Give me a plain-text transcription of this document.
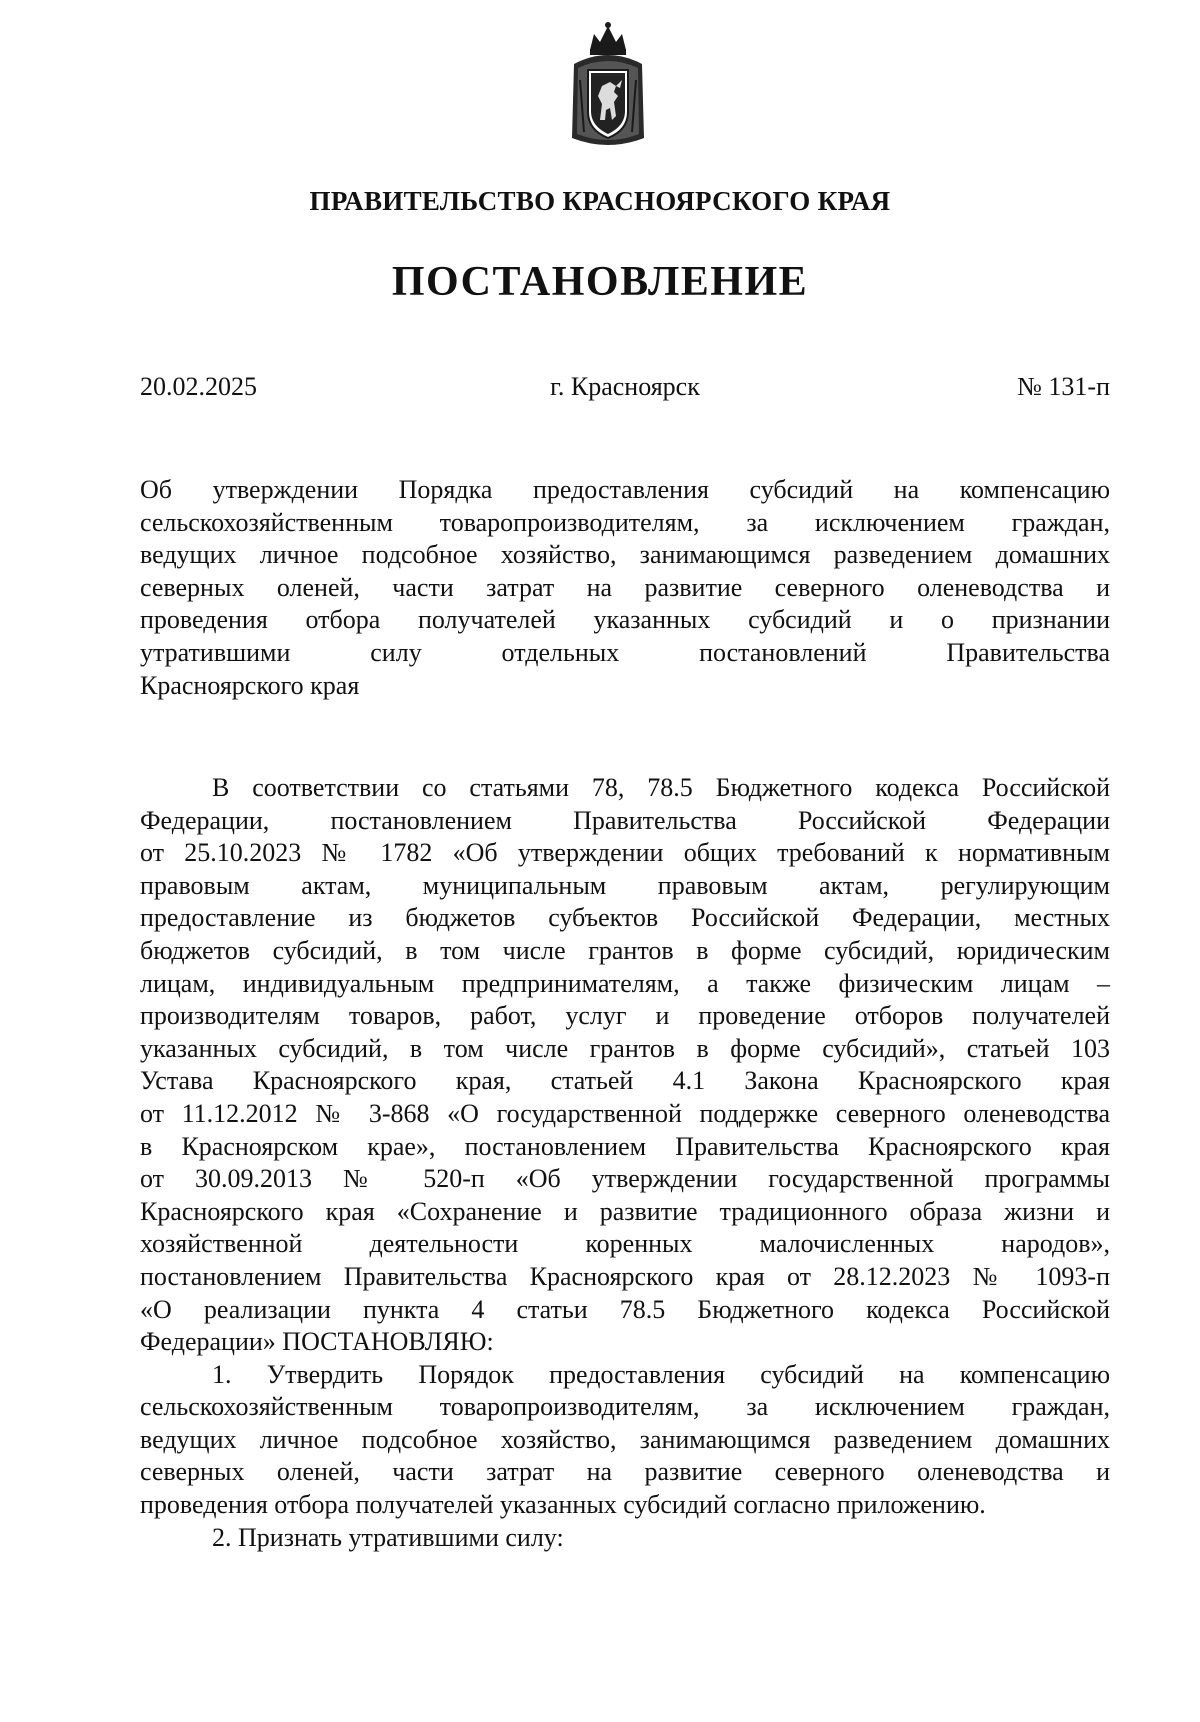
ПРАВИТЕЛЬСТВО КРАСНОЯРСКОГО КРАЯ
ПОСТАНОВЛЕНИЕ
20.02.2025	г. Красноярск	№ 131-п
Об утверждении Порядка предоставления субсидий на компенсацию
сельскохозяйственным товаропроизводителям, за исключением граждан,
ведущих личное подсобное хозяйство, занимающимся разведением домашних
северных оленей, части затрат на развитие северного оленеводства и
проведения отбора получателей указанных субсидий и о признании
утратившими силу отдельных постановлений Правительства
Красноярского края
В соответствии со статьями 78, 78.5 Бюджетного кодекса Российской
Федерации, постановлением Правительства Российской Федерации
от 25.10.2023 № 1782 «Об утверждении общих требований к нормативным
правовым актам, муниципальным правовым актам, регулирующим
предоставление из бюджетов субъектов Российской Федерации, местных
бюджетов субсидий, в том числе грантов в форме субсидий, юридическим
лицам, индивидуальным предпринимателям, а также физическим лицам –
производителям товаров, работ, услуг и проведение отборов получателей
указанных субсидий, в том числе грантов в форме субсидий», статьей 103
Устава Красноярского края, статьей 4.1 Закона Красноярского края
от 11.12.2012 № 3-868 «О государственной поддержке северного оленеводства
в Красноярском крае», постановлением Правительства Красноярского края
от 30.09.2013 № 520-п «Об утверждении государственной программы
Красноярского края «Сохранение и развитие традиционного образа жизни и
хозяйственной деятельности коренных малочисленных народов»,
постановлением Правительства Красноярского края от 28.12.2023 № 1093-п
«О реализации пункта 4 статьи 78.5 Бюджетного кодекса Российской
Федерации» ПОСТАНОВЛЯЮ:
1. Утвердить Порядок предоставления субсидий на компенсацию
сельскохозяйственным товаропроизводителям, за исключением граждан,
ведущих личное подсобное хозяйство, занимающимся разведением домашних
северных оленей, части затрат на развитие северного оленеводства и
проведения отбора получателей указанных субсидий согласно приложению.
2. Признать утратившими силу:
